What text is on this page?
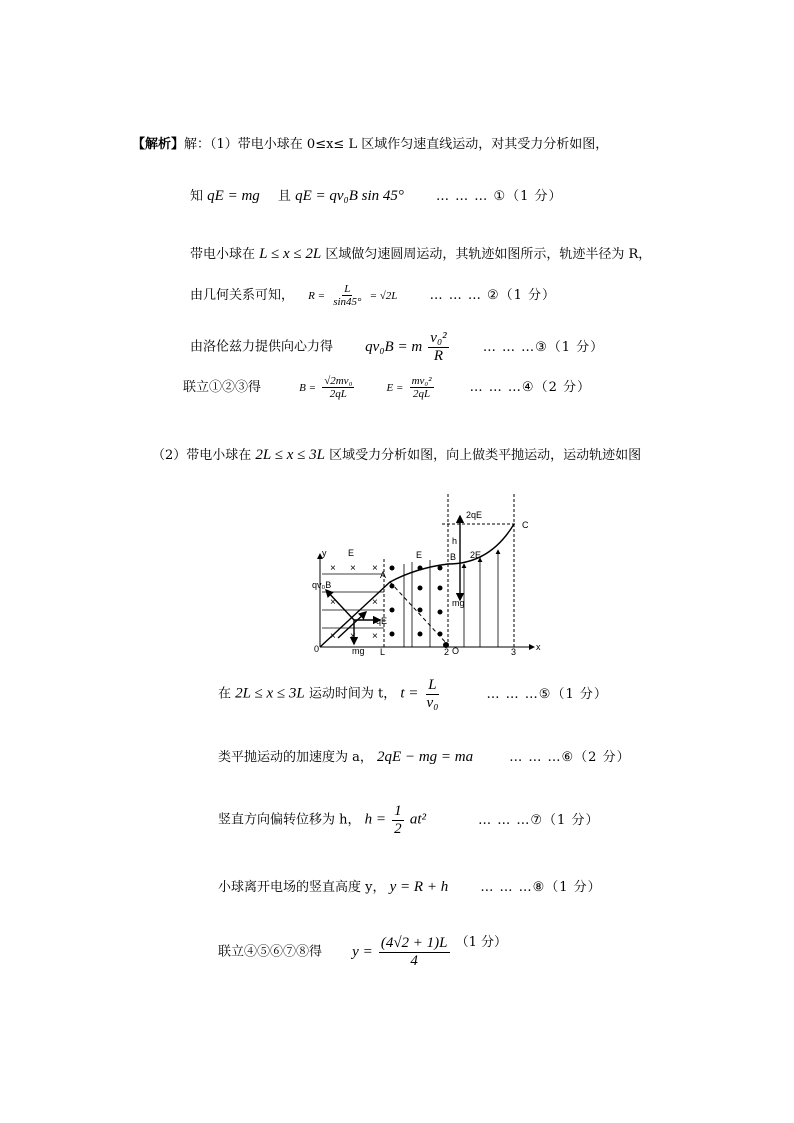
【解析】解：（1）带电小球在 0≤x≤ L 区域作匀速直线运动，对其受力分析如图，
知 qE = mg 且 qE = qv₀B sin 45° … … … ①（1 分）
带电小球在 L ≤ x ≤ 2L 区域做匀速圆周运动，其轨迹如图所示，轨迹半径为 R，
由几何关系可知， $R = \frac{L}{\sin 45^\circ} = √2L$ … … … ②（1 分）
由洛伦兹力提供向心力得 qv₀B = m $\frac{\text{v₀²}}{R}$	… … …③（1 分）
联立①②③得	$B = \frac{\text{√2mv₀}}{2qL}$	$E = \frac{\text{mv₀²}}{2qL}$	… … …④（2 分）
（2）带电小球在 2L ≤ x ≤ 3L 区域受力分析如图，向上做类平抛运动，运动轨迹如图
× × ×
×	×
× × ×
y
x
E	E	2E
qv₀B
qE
mg
mg
2qE
A
B
C
h
0	L	2 O	3
在 2L ≤ x ≤ 3L 运动时间为 t， $t = \frac{L}{\text{v₀}}$	… … …⑤（1 分）
类平抛运动的加速度为 a， 2qE − mg = ma	… … …⑥（2 分）
竖直方向偏转位移为 h， $h = \frac{1}{2} at^2$	… … …⑦（1 分）
小球离开电场的竖直高度 y， y = R + h … … …⑧（1 分）
联立④⑤⑥⑦⑧得 $y = \frac{(4√2 + 1)L}{4} (1$ 分）
